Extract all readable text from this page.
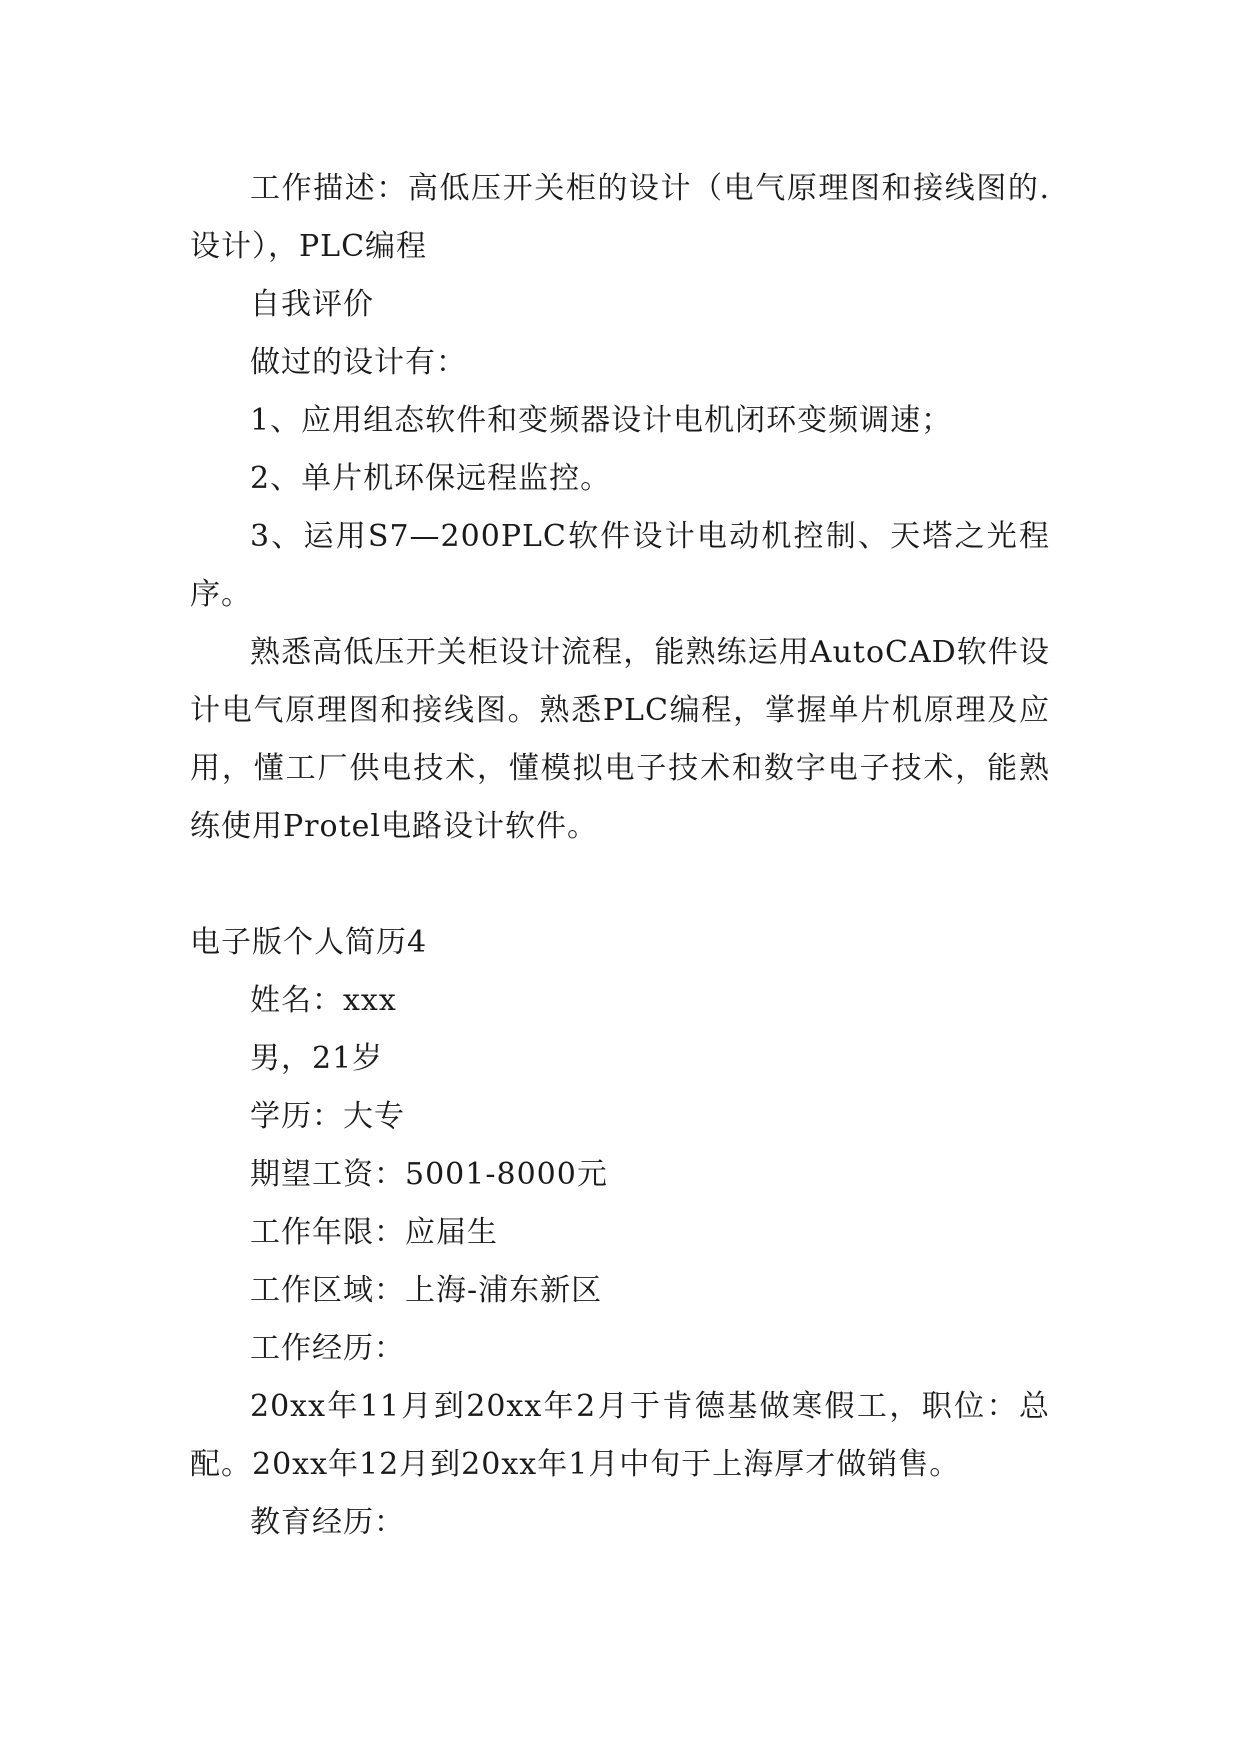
工作描述：高低压开关柜的设计（电气原理图和接线图的.设计），PLC编程

自我评价

做过的设计有：

1、应用组态软件和变频器设计电机闭环变频调速；

2、单片机环保远程监控。

3、运用S7—200PLC软件设计电动机控制、天塔之光程序。

熟悉高低压开关柜设计流程，能熟练运用AutoCAD软件设计电气原理图和接线图。熟悉PLC编程，掌握单片机原理及应用，懂工厂供电技术，懂模拟电子技术和数字电子技术，能熟练使用Protel电路设计软件。

电子版个人简历4

姓名：xxx

男，21岁

学历：大专

期望工资：5001-8000元

工作年限：应届生

工作区域：上海-浦东新区

工作经历：

20xx年11月到20xx年2月于肯德基做寒假工，职位：总配。20xx年12月到20xx年1月中旬于上海厚才做销售。

教育经历：
